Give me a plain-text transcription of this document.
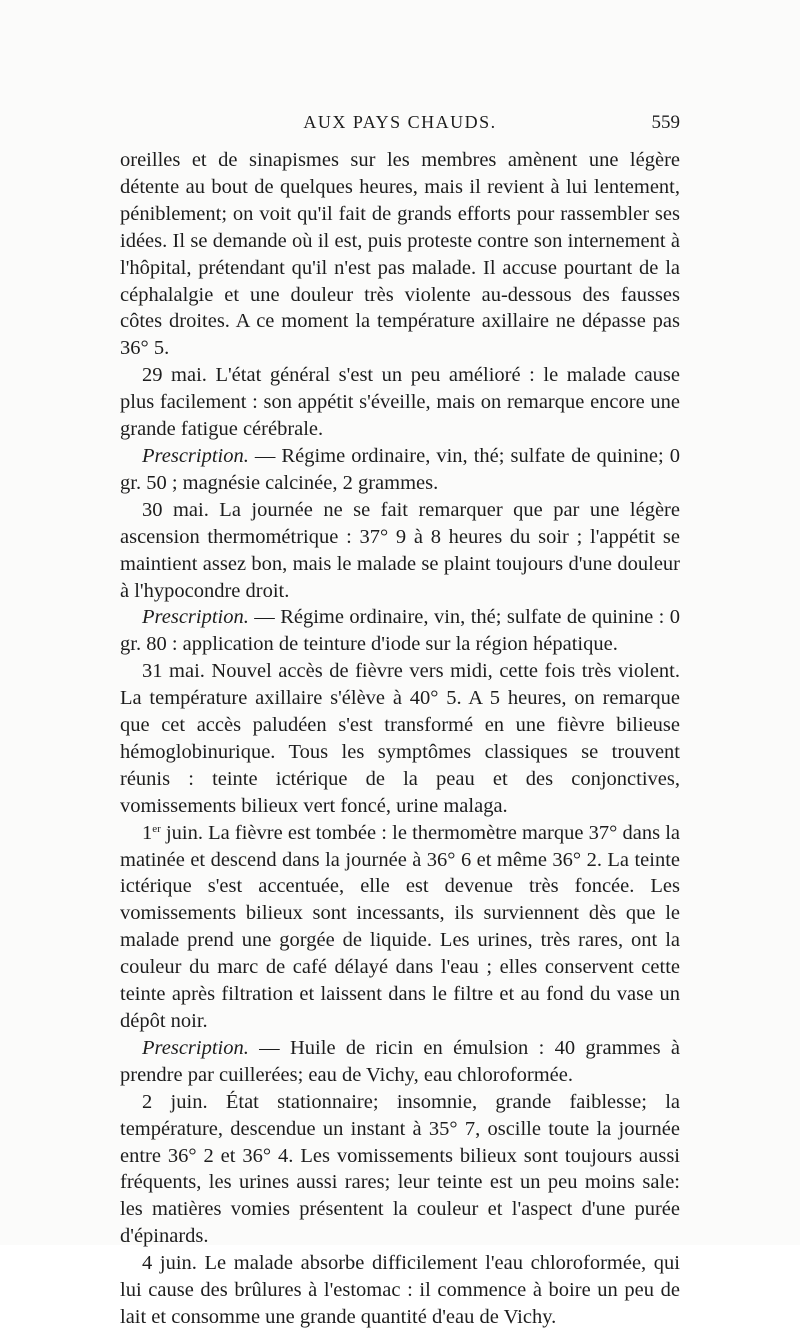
AUX PAYS CHAUDS.	559

oreilles et de sinapismes sur les membres amènent une légère détente au bout de quelques heures, mais il revient à lui lentement, péniblement; on voit qu'il fait de grands efforts pour rassembler ses idées. Il se demande où il est, puis proteste contre son internement à l'hôpital, prétendant qu'il n'est pas malade. Il accuse pourtant de la céphalalgie et une douleur très violente au-dessous des fausses côtes droites. A ce moment la température axillaire ne dépasse pas 36° 5.

29 mai. L'état général s'est un peu amélioré : le malade cause plus facilement : son appétit s'éveille, mais on remarque encore une grande fatigue cérébrale.

Prescription. — Régime ordinaire, vin, thé; sulfate de quinine; 0 gr. 50 ; magnésie calcinée, 2 grammes.

30 mai. La journée ne se fait remarquer que par une légère ascension thermométrique : 37° 9 à 8 heures du soir ; l'appétit se maintient assez bon, mais le malade se plaint toujours d'une douleur à l'hypocondre droit.

Prescription. — Régime ordinaire, vin, thé; sulfate de quinine : 0 gr. 80 : application de teinture d'iode sur la région hépatique.

31 mai. Nouvel accès de fièvre vers midi, cette fois très violent. La température axillaire s'élève à 40° 5. A 5 heures, on remarque que cet accès paludéen s'est transformé en une fièvre bilieuse hémoglobinurique. Tous les symptômes classiques se trouvent réunis : teinte ictérique de la peau et des conjonctives, vomissements bilieux vert foncé, urine malaga.

1er juin. La fièvre est tombée : le thermomètre marque 37° dans la matinée et descend dans la journée à 36° 6 et même 36° 2. La teinte ictérique s'est accentuée, elle est devenue très foncée. Les vomissements bilieux sont incessants, ils surviennent dès que le malade prend une gorgée de liquide. Les urines, très rares, ont la couleur du marc de café délayé dans l'eau ; elles conservent cette teinte après filtration et laissent dans le filtre et au fond du vase un dépôt noir.

Prescription. — Huile de ricin en émulsion : 40 grammes à prendre par cuillerées; eau de Vichy, eau chloroformée.

2 juin. État stationnaire; insomnie, grande faiblesse; la température, descendue un instant à 35° 7, oscille toute la journée entre 36° 2 et 36° 4. Les vomissements bilieux sont toujours aussi fréquents, les urines aussi rares; leur teinte est un peu moins sale: les matières vomies présentent la couleur et l'aspect d'une purée d'épinards.

4 juin. Le malade absorbe difficilement l'eau chloroformée, qui lui cause des brûlures à l'estomac : il commence à boire un peu de lait et consomme une grande quantité d'eau de Vichy.
